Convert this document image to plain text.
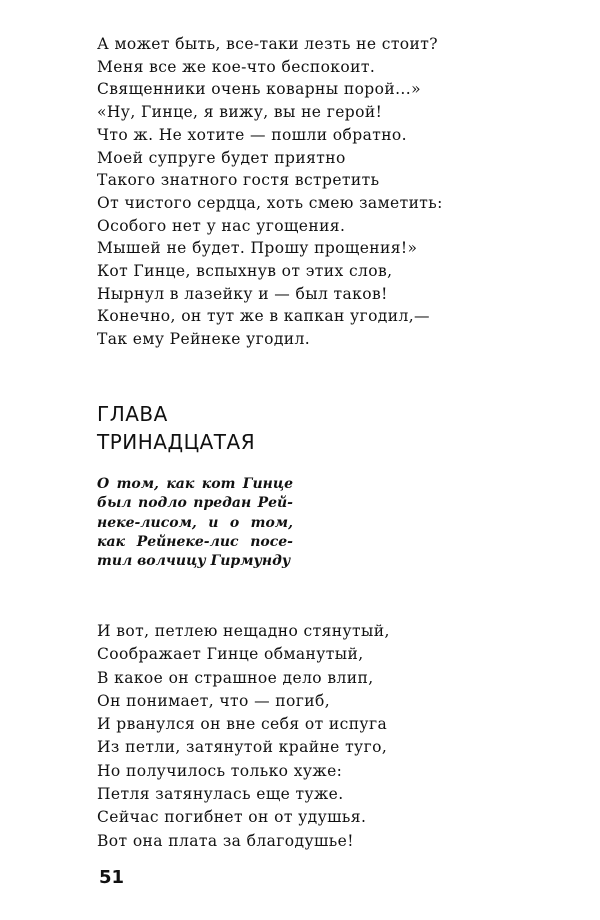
А может быть, все-таки лезть не стоит?
Меня все же кое-что беспокоит.
Священники очень коварны порой...»
«Ну, Гинце, я вижу, вы не герой!
Что ж. Не хотите — пошли обратно.
Моей супруге будет приятно
Такого знатного гостя встретить
От чистого сердца, хоть смею заметить:
Особого нет у нас угощения.
Мышей не будет. Прошу прощения!»
Кот Гинце, вспыхнув от этих слов,
Нырнул в лазейку и — был таков!
Конечно, он тут же в капкан угодил,—
Так ему Рейнеке угодил.
ГЛАВА
ТРИНАДЦАТАЯ
О том, как кот Гинце
был подло предан Рей-
неке-лисом, и о том,
как Рейнеке-лис посе-
тил волчицу Гирмунду
И вот, петлею нещадно стянутый,
Соображает Гинце обманутый,
В какое он страшное дело влип,
Он понимает, что — погиб,
И рванулся он вне себя от испуга
Из петли, затянутой крайне туго,
Но получилось только хуже:
Петля затянулась еще туже.
Сейчас погибнет он от удушья.
Вот она плата за благодушье!
51
